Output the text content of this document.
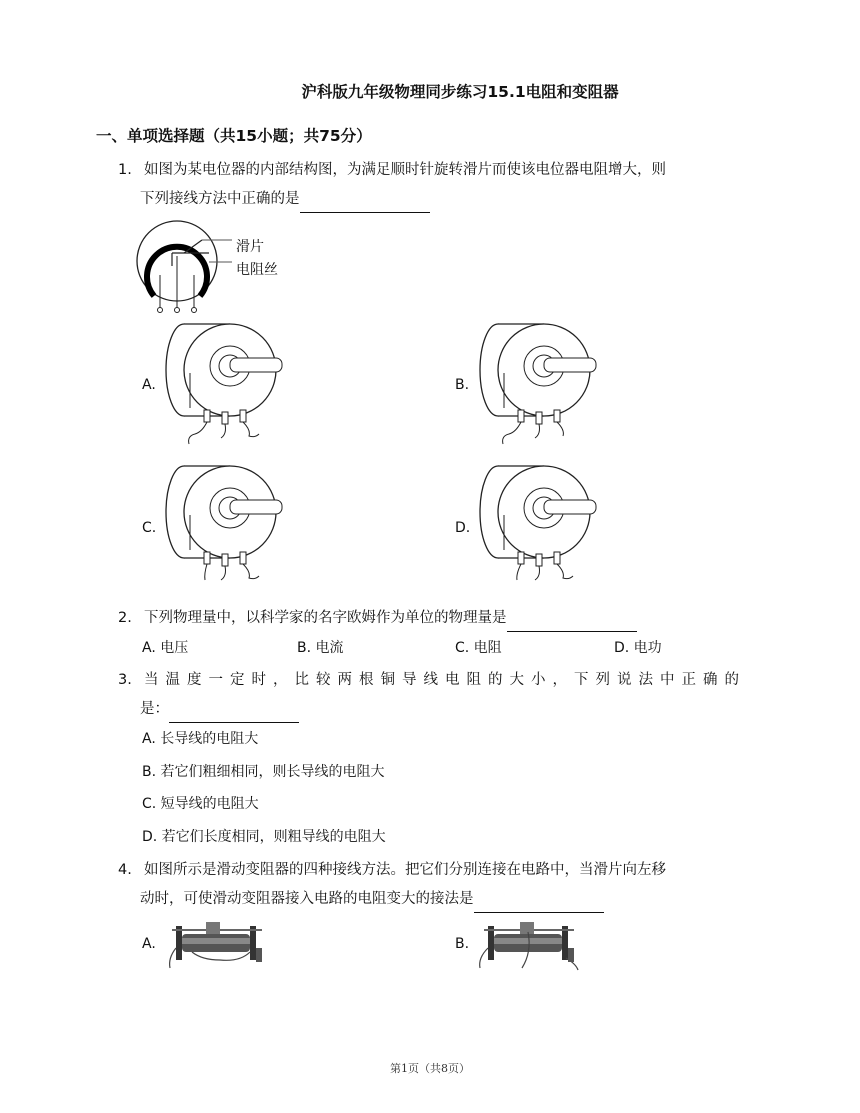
沪科版九年级物理同步练习15.1电阻和变阻器
一、单项选择题（共15小题；共75分）
1. 如图为某电位器的内部结构图，为满足顺时针旋转滑片而使该电位器电阻增大，则
下列接线方法中正确的是
滑片
电阻丝
A.	B.
C.	D.
2. 下列物理量中，以科学家的名字欧姆作为单位的物理量是
A. 电压	B. 电流	C. 电阻	D. 电功
3. 当温度一定时，比较两根铜导线电阻的大小，下列说法中正确的
是：
A. 长导线的电阻大
B. 若它们粗细相同，则长导线的电阻大
C. 短导线的电阻大
D. 若它们长度相同，则粗导线的电阻大
4. 如图所示是滑动变阻器的四种接线方法。把它们分别连接在电路中，当滑片向左移
动时，可使滑动变阻器接入电路的电阻变大的接法是
A.	B.
第1页（共8页）
